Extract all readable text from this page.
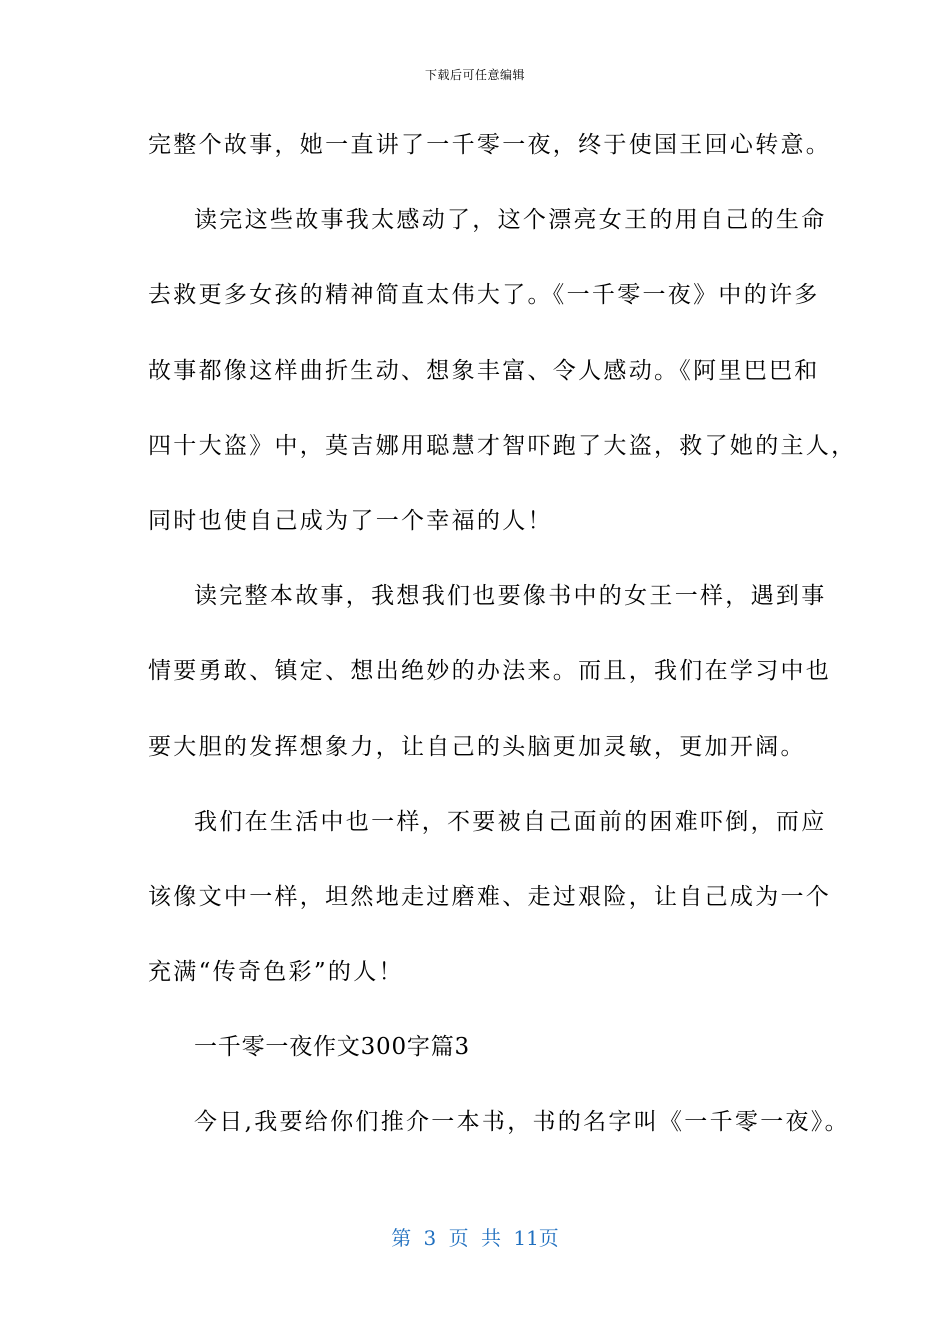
下载后可任意编辑
完整个故事，她一直讲了一千零一夜，终于使国王回心转意。
读完这些故事我太感动了，这个漂亮女王的用自己的生命
去救更多女孩的精神简直太伟大了。《一千零一夜》中的许多
故事都像这样曲折生动、想象丰富、令人感动。《阿里巴巴和
四十大盗》中，莫吉娜用聪慧才智吓跑了大盗，救了她的主人，
同时也使自己成为了一个幸福的人！
读完整本故事，我想我们也要像书中的女王一样，遇到事
情要勇敢、镇定、想出绝妙的办法来。而且，我们在学习中也
要大胆的发挥想象力，让自己的头脑更加灵敏，更加开阔。
我们在生活中也一样，不要被自己面前的困难吓倒，而应
该像文中一样，坦然地走过磨难、走过艰险，让自己成为一个
充满“传奇色彩”的人！
一千零一夜作文300字篇3
今日,我要给你们推介一本书，书的名字叫《一千零一夜》。
第 3 页 共 11页
